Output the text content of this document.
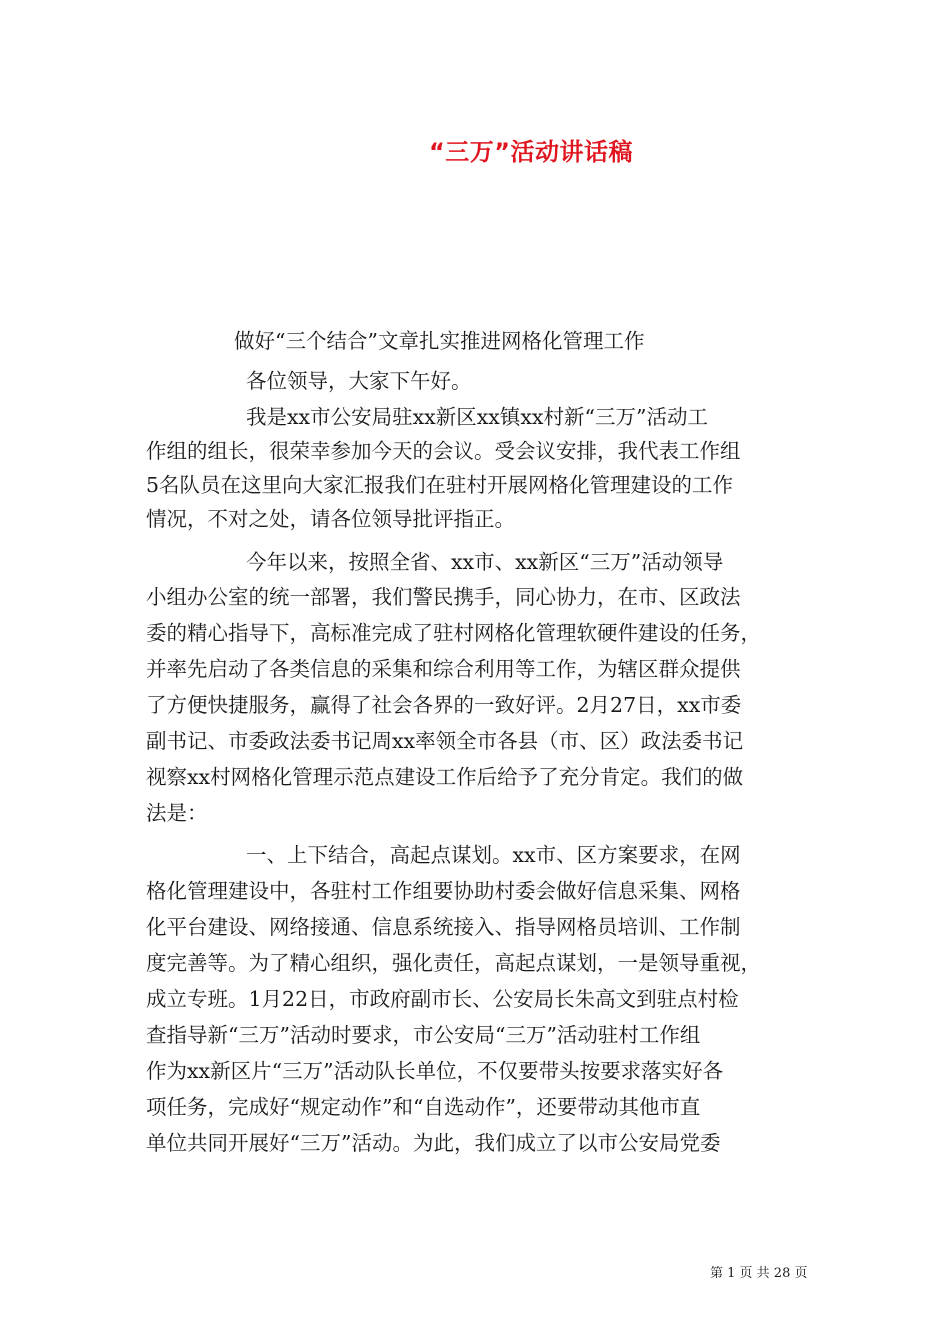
“三万”活动讲话稿
做好“三个结合”文章扎实推进网格化管理工作
各位领导，大家下午好。
我是xx市公安局驻xx新区xx镇xx村新“三万”活动工
作组的组长，很荣幸参加今天的会议。受会议安排，我代表工作组
5名队员在这里向大家汇报我们在驻村开展网格化管理建设的工作
情况，不对之处，请各位领导批评指正。
今年以来，按照全省、xx市、xx新区“三万”活动领导
小组办公室的统一部署，我们警民携手，同心协力，在市、区政法
委的精心指导下，高标准完成了驻村网格化管理软硬件建设的任务，
并率先启动了各类信息的采集和综合利用等工作，为辖区群众提供
了方便快捷服务，赢得了社会各界的一致好评。2月27日，xx市委
副书记、市委政法委书记周xx率领全市各县（市、区）政法委书记
视察xx村网格化管理示范点建设工作后给予了充分肯定。我们的做
法是：
一、上下结合，高起点谋划。xx市、区方案要求，在网
格化管理建设中，各驻村工作组要协助村委会做好信息采集、网格
化平台建设、网络接通、信息系统接入、指导网格员培训、工作制
度完善等。为了精心组织，强化责任，高起点谋划，一是领导重视，
成立专班。1月22日，市政府副市长、公安局长朱高文到驻点村检
查指导新“三万”活动时要求，市公安局“三万”活动驻村工作组
作为xx新区片“三万”活动队长单位，不仅要带头按要求落实好各
项任务，完成好“规定动作”和“自选动作”，还要带动其他市直
单位共同开展好“三万”活动。为此，我们成立了以市公安局党委
第 1 页 共 28 页
